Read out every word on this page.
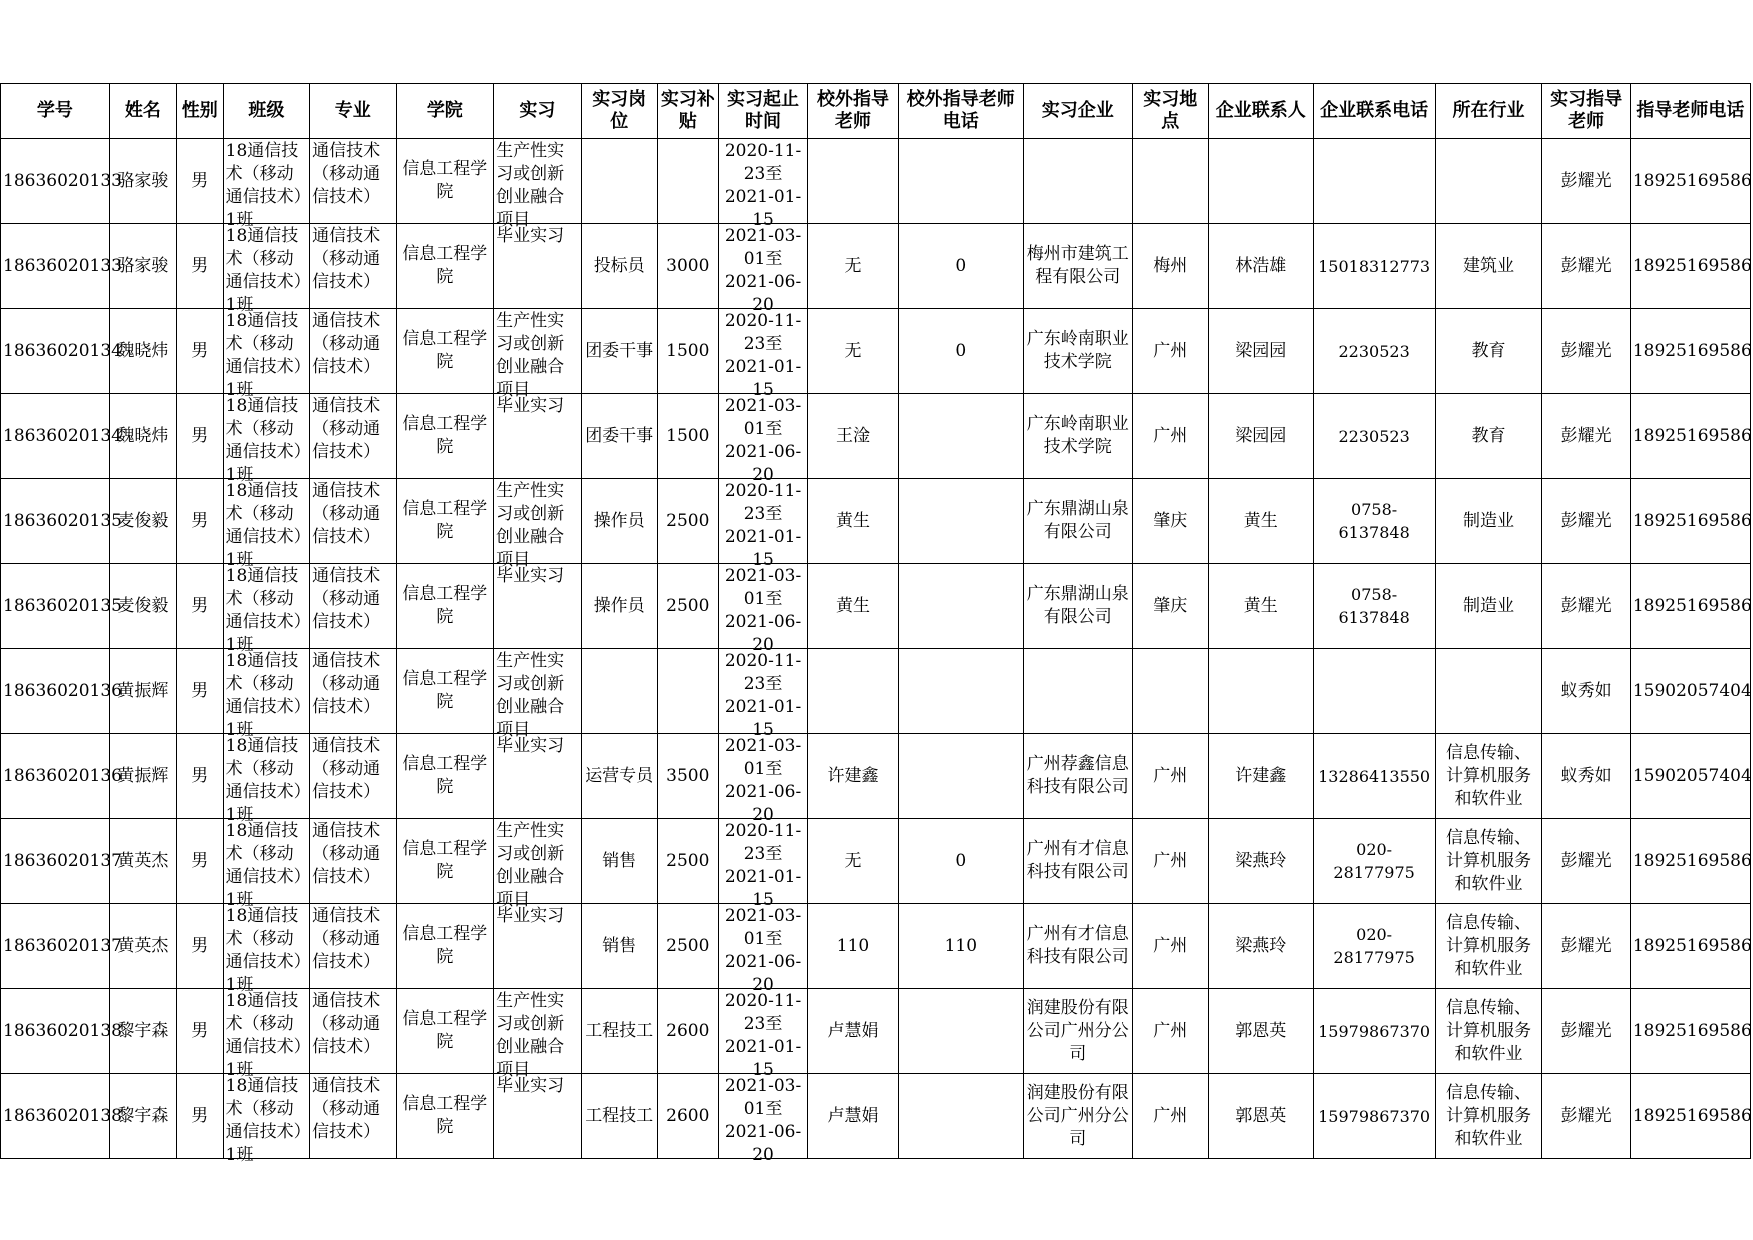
学号	姓名	性别	班级	专业	学院	实习	实习岗位	实习补贴	实习起止时间	校外指导老师	校外指导老师电话	实习企业	实习地点	企业联系人	企业联系电话	所在行业	实习指导老师	指导老师电话

18636020133	骆家骏	男	18通信技术（移动通信技术）1班	通信技术（移动通信技术）	信息工程学院	生产性实习或创新创业融合项目			2020-11-23至2021-01-15								彭耀光	18925169586

18636020133	骆家骏	男	18通信技术（移动通信技术）1班	通信技术（移动通信技术）	信息工程学院	毕业实习	投标员	3000	2021-03-01至2021-06-20	无	0	梅州市建筑工程有限公司	梅州	林浩雄	15018312773	建筑业	彭耀光	18925169586

18636020134	魏晓炜	男	18通信技术（移动通信技术）1班	通信技术（移动通信技术）	信息工程学院	生产性实习或创新创业融合项目	团委干事	1500	2020-11-23至2021-01-15	无	0	广东岭南职业技术学院	广州	梁园园	2230523	教育	彭耀光	18925169586

18636020134	魏晓炜	男	18通信技术（移动通信技术）1班	通信技术（移动通信技术）	信息工程学院	毕业实习	团委干事	1500	2021-03-01至2021-06-20	王淦		广东岭南职业技术学院	广州	梁园园	2230523	教育	彭耀光	18925169586

18636020135	麦俊毅	男	18通信技术（移动通信技术）1班	通信技术（移动通信技术）	信息工程学院	生产性实习或创新创业融合项目	操作员	2500	2020-11-23至2021-01-15	黄生		广东鼎湖山泉有限公司	肇庆	黄生	0758-6137848	制造业	彭耀光	18925169586

18636020135	麦俊毅	男	18通信技术（移动通信技术）1班	通信技术（移动通信技术）	信息工程学院	毕业实习	操作员	2500	2021-03-01至2021-06-20	黄生		广东鼎湖山泉有限公司	肇庆	黄生	0758-6137848	制造业	彭耀光	18925169586

18636020136	黄振辉	男	18通信技术（移动通信技术）1班	通信技术（移动通信技术）	信息工程学院	生产性实习或创新创业融合项目			2020-11-23至2021-01-15								蚁秀如	15902057404

18636020136	黄振辉	男	18通信技术（移动通信技术）1班	通信技术（移动通信技术）	信息工程学院	毕业实习	运营专员	3500	2021-03-01至2021-06-20	许建鑫		广州荐鑫信息科技有限公司	广州	许建鑫	13286413550	信息传输、计算机服务和软件业	蚁秀如	15902057404

18636020137	黄英杰	男	18通信技术（移动通信技术）1班	通信技术（移动通信技术）	信息工程学院	生产性实习或创新创业融合项目	销售	2500	2020-11-23至2021-01-15	无	0	广州有才信息科技有限公司	广州	梁燕玲	020-28177975	信息传输、计算机服务和软件业	彭耀光	18925169586

18636020137	黄英杰	男	18通信技术（移动通信技术）1班	通信技术（移动通信技术）	信息工程学院	毕业实习	销售	2500	2021-03-01至2021-06-20	110	110	广州有才信息科技有限公司	广州	梁燕玲	020-28177975	信息传输、计算机服务和软件业	彭耀光	18925169586

18636020138	黎宇森	男	18通信技术（移动通信技术）1班	通信技术（移动通信技术）	信息工程学院	生产性实习或创新创业融合项目	工程技工	2600	2020-11-23至2021-01-15	卢慧娟		润建股份有限公司广州分公司	广州	郭恩英	15979867370	信息传输、计算机服务和软件业	彭耀光	18925169586

18636020138	黎宇森	男	18通信技术（移动通信技术）1班	通信技术（移动通信技术）	信息工程学院	毕业实习	工程技工	2600	2021-03-01至2021-06-20	卢慧娟		润建股份有限公司广州分公司	广州	郭恩英	15979867370	信息传输、计算机服务和软件业	彭耀光	18925169586
